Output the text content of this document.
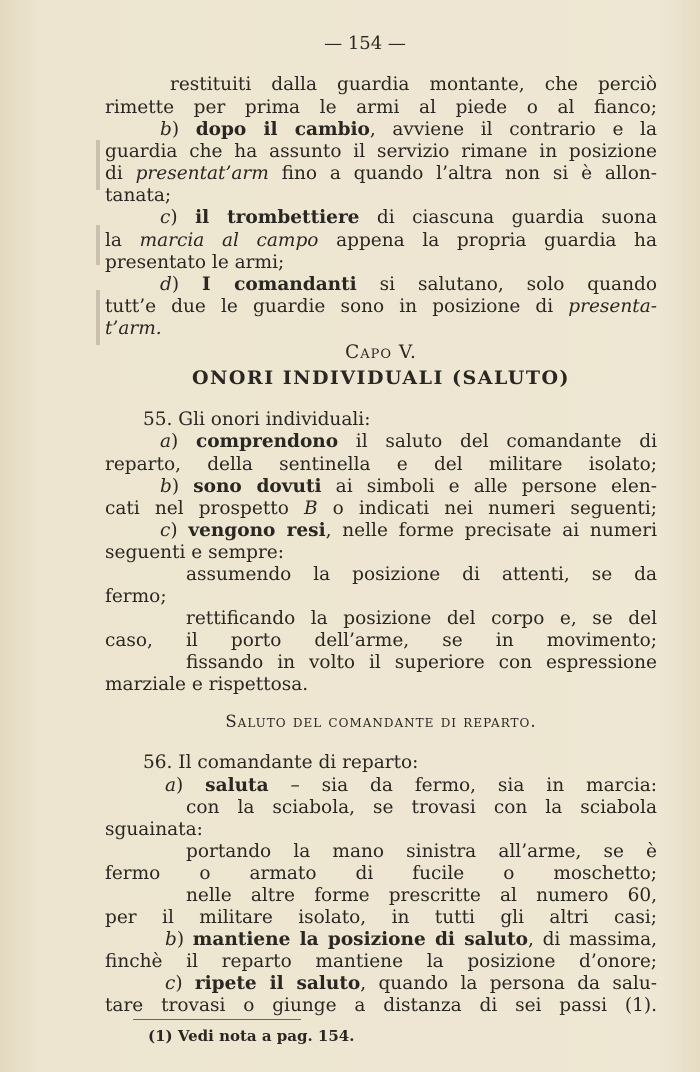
— 154 —
restituiti dalla guardia montante, che perciò
rimette per prima le armi al piede o al fianco;
b) dopo il cambio, avviene il contrario e la
guardia che ha assunto il servizio rimane in posizione
di presentat’arm fino a quando l’altra non si è allon-
tanata;
c) il trombettiere di ciascuna guardia suona
la marcia al campo appena la propria guardia ha
presentato le armi;
d) I comandanti si salutano, solo quando
tutt’e due le guardie sono in posizione di presenta-
t’arm.
Capo V.
ONORI INDIVIDUALI (SALUTO)
55. Gli onori individuali:
a) comprendono il saluto del comandante di
reparto, della sentinella e del militare isolato;
b) sono dovuti ai simboli e alle persone elen-
cati nel prospetto B o indicati nei numeri seguenti;
c) vengono resi, nelle forme precisate ai numeri
seguenti e sempre:
assumendo la posizione di attenti, se da
fermo;
rettificando la posizione del corpo e, se del
caso, il porto dell’arme, se in movimento;
fissando in volto il superiore con espressione
marziale e rispettosa.
Saluto del comandante di reparto.
56. Il comandante di reparto:
a) saluta – sia da fermo, sia in marcia:
con la sciabola, se trovasi con la sciabola
sguainata:
portando la mano sinistra all’arme, se è
fermo o armato di fucile o moschetto;
nelle altre forme prescritte al numero 60,
per il militare isolato, in tutti gli altri casi;
b) mantiene la posizione di saluto, di massima,
finchè il reparto mantiene la posizione d’onore;
c) ripete il saluto, quando la persona da salu-
tare trovasi o giunge a distanza di sei passi (1).
(1) Vedi nota a pag. 154.
